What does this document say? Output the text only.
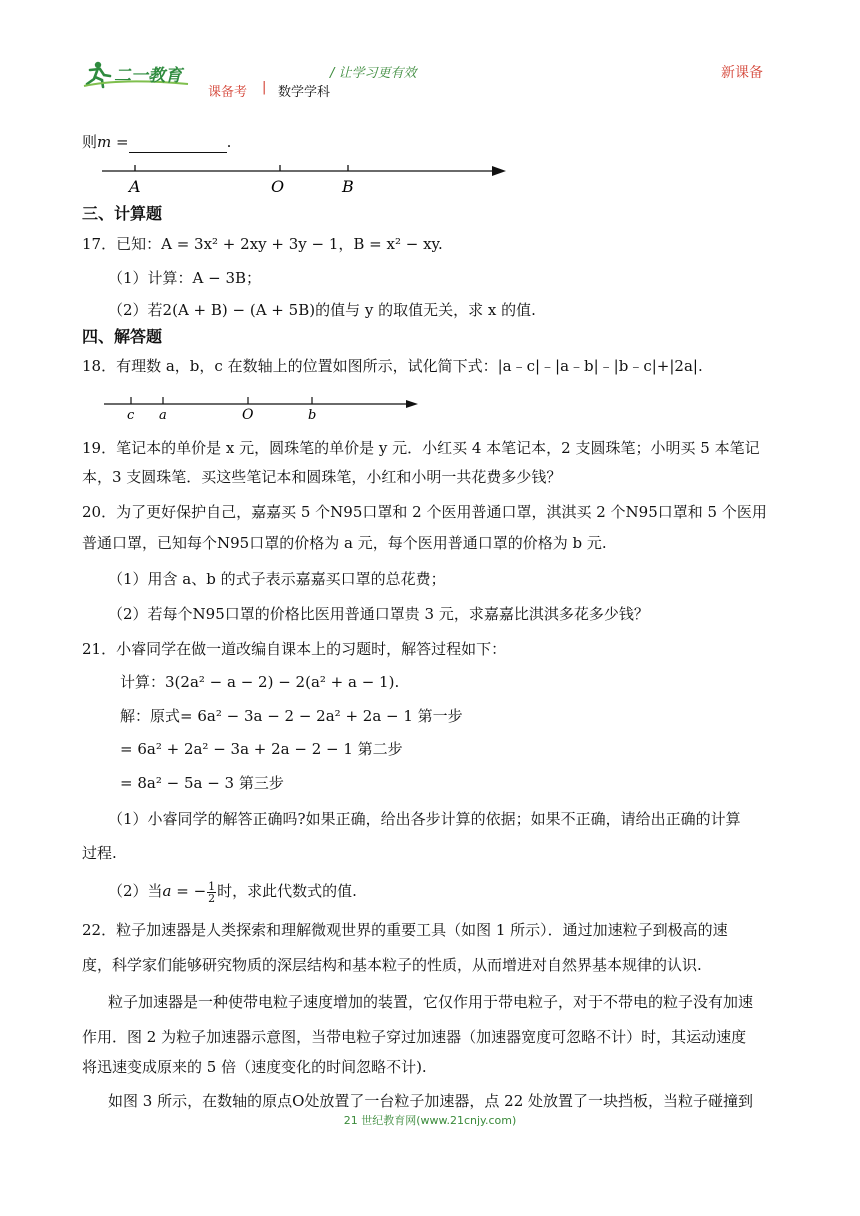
二一教育	/ 让学习更有效	新课备
课备考 | 数学学科
则m =	.
A	O	B
三、计算题
17．已知：A = 3x² + 2xy + 3y − 1，B = x² − xy.
（1）计算：A − 3B；
（2）若2(A + B) − (A + 5B)的值与 y 的取值无关，求 x 的值.
四、解答题
18．有理数 a，b，c 在数轴上的位置如图所示，试化简下式：|a﹣c|﹣|a﹣b|﹣|b﹣c|+|2a|.
c a	O	b
19．笔记本的单价是 x 元，圆珠笔的单价是 y 元．小红买 4 本笔记本，2 支圆珠笔；小明买 5 本笔记
本，3 支圆珠笔．买这些笔记本和圆珠笔，小红和小明一共花费多少钱？
20．为了更好保护自己，嘉嘉买 5 个N95口罩和 2 个医用普通口罩，淇淇买 2 个N95口罩和 5 个医用
普通口罩，已知每个N95口罩的价格为 a 元，每个医用普通口罩的价格为 b 元.
（1）用含 a、b 的式子表示嘉嘉买口罩的总花费；
（2）若每个N95口罩的价格比医用普通口罩贵 3 元，求嘉嘉比淇淇多花多少钱？
21．小睿同学在做一道改编自课本上的习题时，解答过程如下：
计算：3(2a² − a − 2) − 2(a² + a − 1).
解：原式= 6a² − 3a − 2 − 2a² + 2a − 1 第一步
= 6a² + 2a² − 3a + 2a − 2 − 1 第二步
= 8a² − 5a − 3 第三步
（1）小睿同学的解答正确吗?如果正确，给出各步计算的依据；如果不正确，请给出正确的计算
过程.
（2）当a = − $\frac{1}{2}$ 时，求此代数式的值.
22．粒子加速器是人类探索和理解微观世界的重要工具（如图 1 所示）．通过加速粒子到极高的速
度，科学家们能够研究物质的深层结构和基本粒子的性质，从而增进对自然界基本规律的认识.
粒子加速器是一种使带电粒子速度增加的装置，它仅作用于带电粒子，对于不带电的粒子没有加速
作用．图 2 为粒子加速器示意图，当带电粒子穿过加速器（加速器宽度可忽略不计）时，其运动速度
将迅速变成原来的 5 倍（速度变化的时间忽略不计).
如图 3 所示，在数轴的原点O处放置了一台粒子加速器，点 22 处放置了一块挡板，当粒子碰撞到
21 世纪教育网(www.21cnjy.com)
